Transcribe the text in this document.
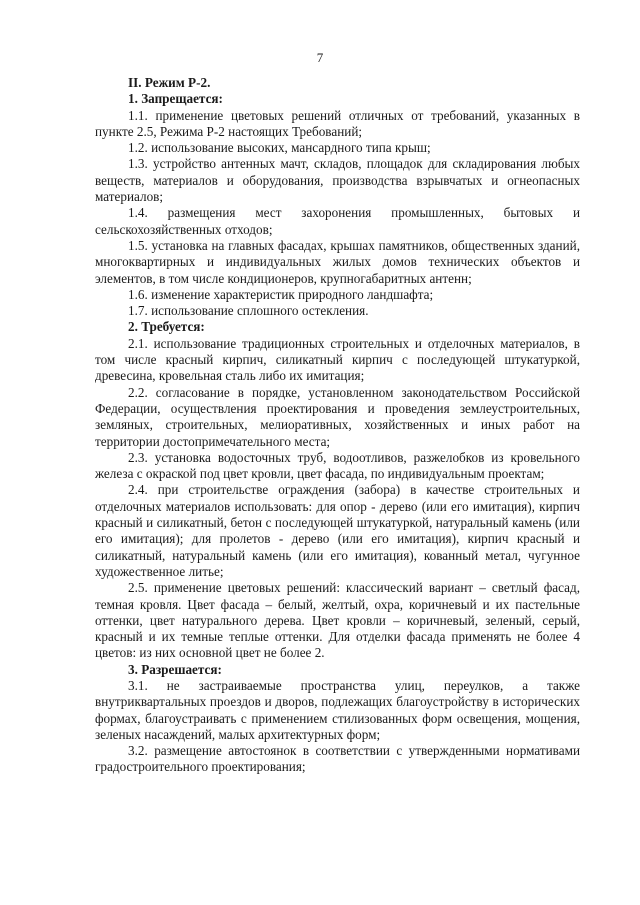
7
II. Режим Р-2.
1. Запрещается:

1.1. применение цветовых решений отличных от требований, указанных в пункте 2.5, Режима Р-2 настоящих Требований;

1.2. использование высоких, мансардного типа крыш;

1.3. устройство антенных мачт, складов, площадок для складирования любых веществ, материалов и оборудования, производства взрывчатых и огнеопасных материалов;

1.4. размещения мест захоронения промышленных, бытовых и сельскохозяйственных отходов;

1.5. установка на главных фасадах, крышах памятников, общественных зданий, многоквартирных и индивидуальных жилых домов технических объектов и элементов, в том числе кондиционеров, крупногабаритных антенн;

1.6. изменение характеристик природного ландшафта;

1.7. использование сплошного остекления.

2. Требуется:

2.1. использование традиционных строительных и отделочных материалов, в том числе красный кирпич, силикатный кирпич с последующей штукатуркой, древесина, кровельная сталь либо их имитация;

2.2. согласование в порядке, установленном законодательством Российской Федерации, осуществления проектирования и проведения землеустроительных, земляных, строительных, мелиоративных, хозяйственных и иных работ на территории достопримечательного места;

2.3. установка водосточных труб, водоотливов, разжелобков из кровельного железа с окраской под цвет кровли, цвет фасада, по индивидуальным проектам;

2.4. при строительстве ограждения (забора) в качестве строительных и отделочных материалов использовать: для опор - дерево (или его имитация), кирпич красный и силикатный, бетон с последующей штукатуркой, натуральный камень (или его имитация); для пролетов - дерево (или его имитация), кирпич красный и силикатный, натуральный камень (или его имитация), кованный метал, чугунное художественное литье;

2.5. применение цветовых решений: классический вариант – светлый фасад, темная кровля. Цвет фасада – белый, желтый, охра, коричневый и их пастельные оттенки, цвет натурального дерева. Цвет кровли – коричневый, зеленый, серый, красный и их темные теплые оттенки. Для отделки фасада применять не более 4 цветов: из них основной цвет не более 2.

3. Разрешается:

3.1. не застраиваемые пространства улиц, переулков, а также внутриквартальных проездов и дворов, подлежащих благоустройству в исторических формах, благоустраивать с применением стилизованных форм освещения, мощения, зеленых насаждений, малых архитектурных форм;

3.2. размещение автостоянок в соответствии с утвержденными нормативами градостроительного проектирования;
